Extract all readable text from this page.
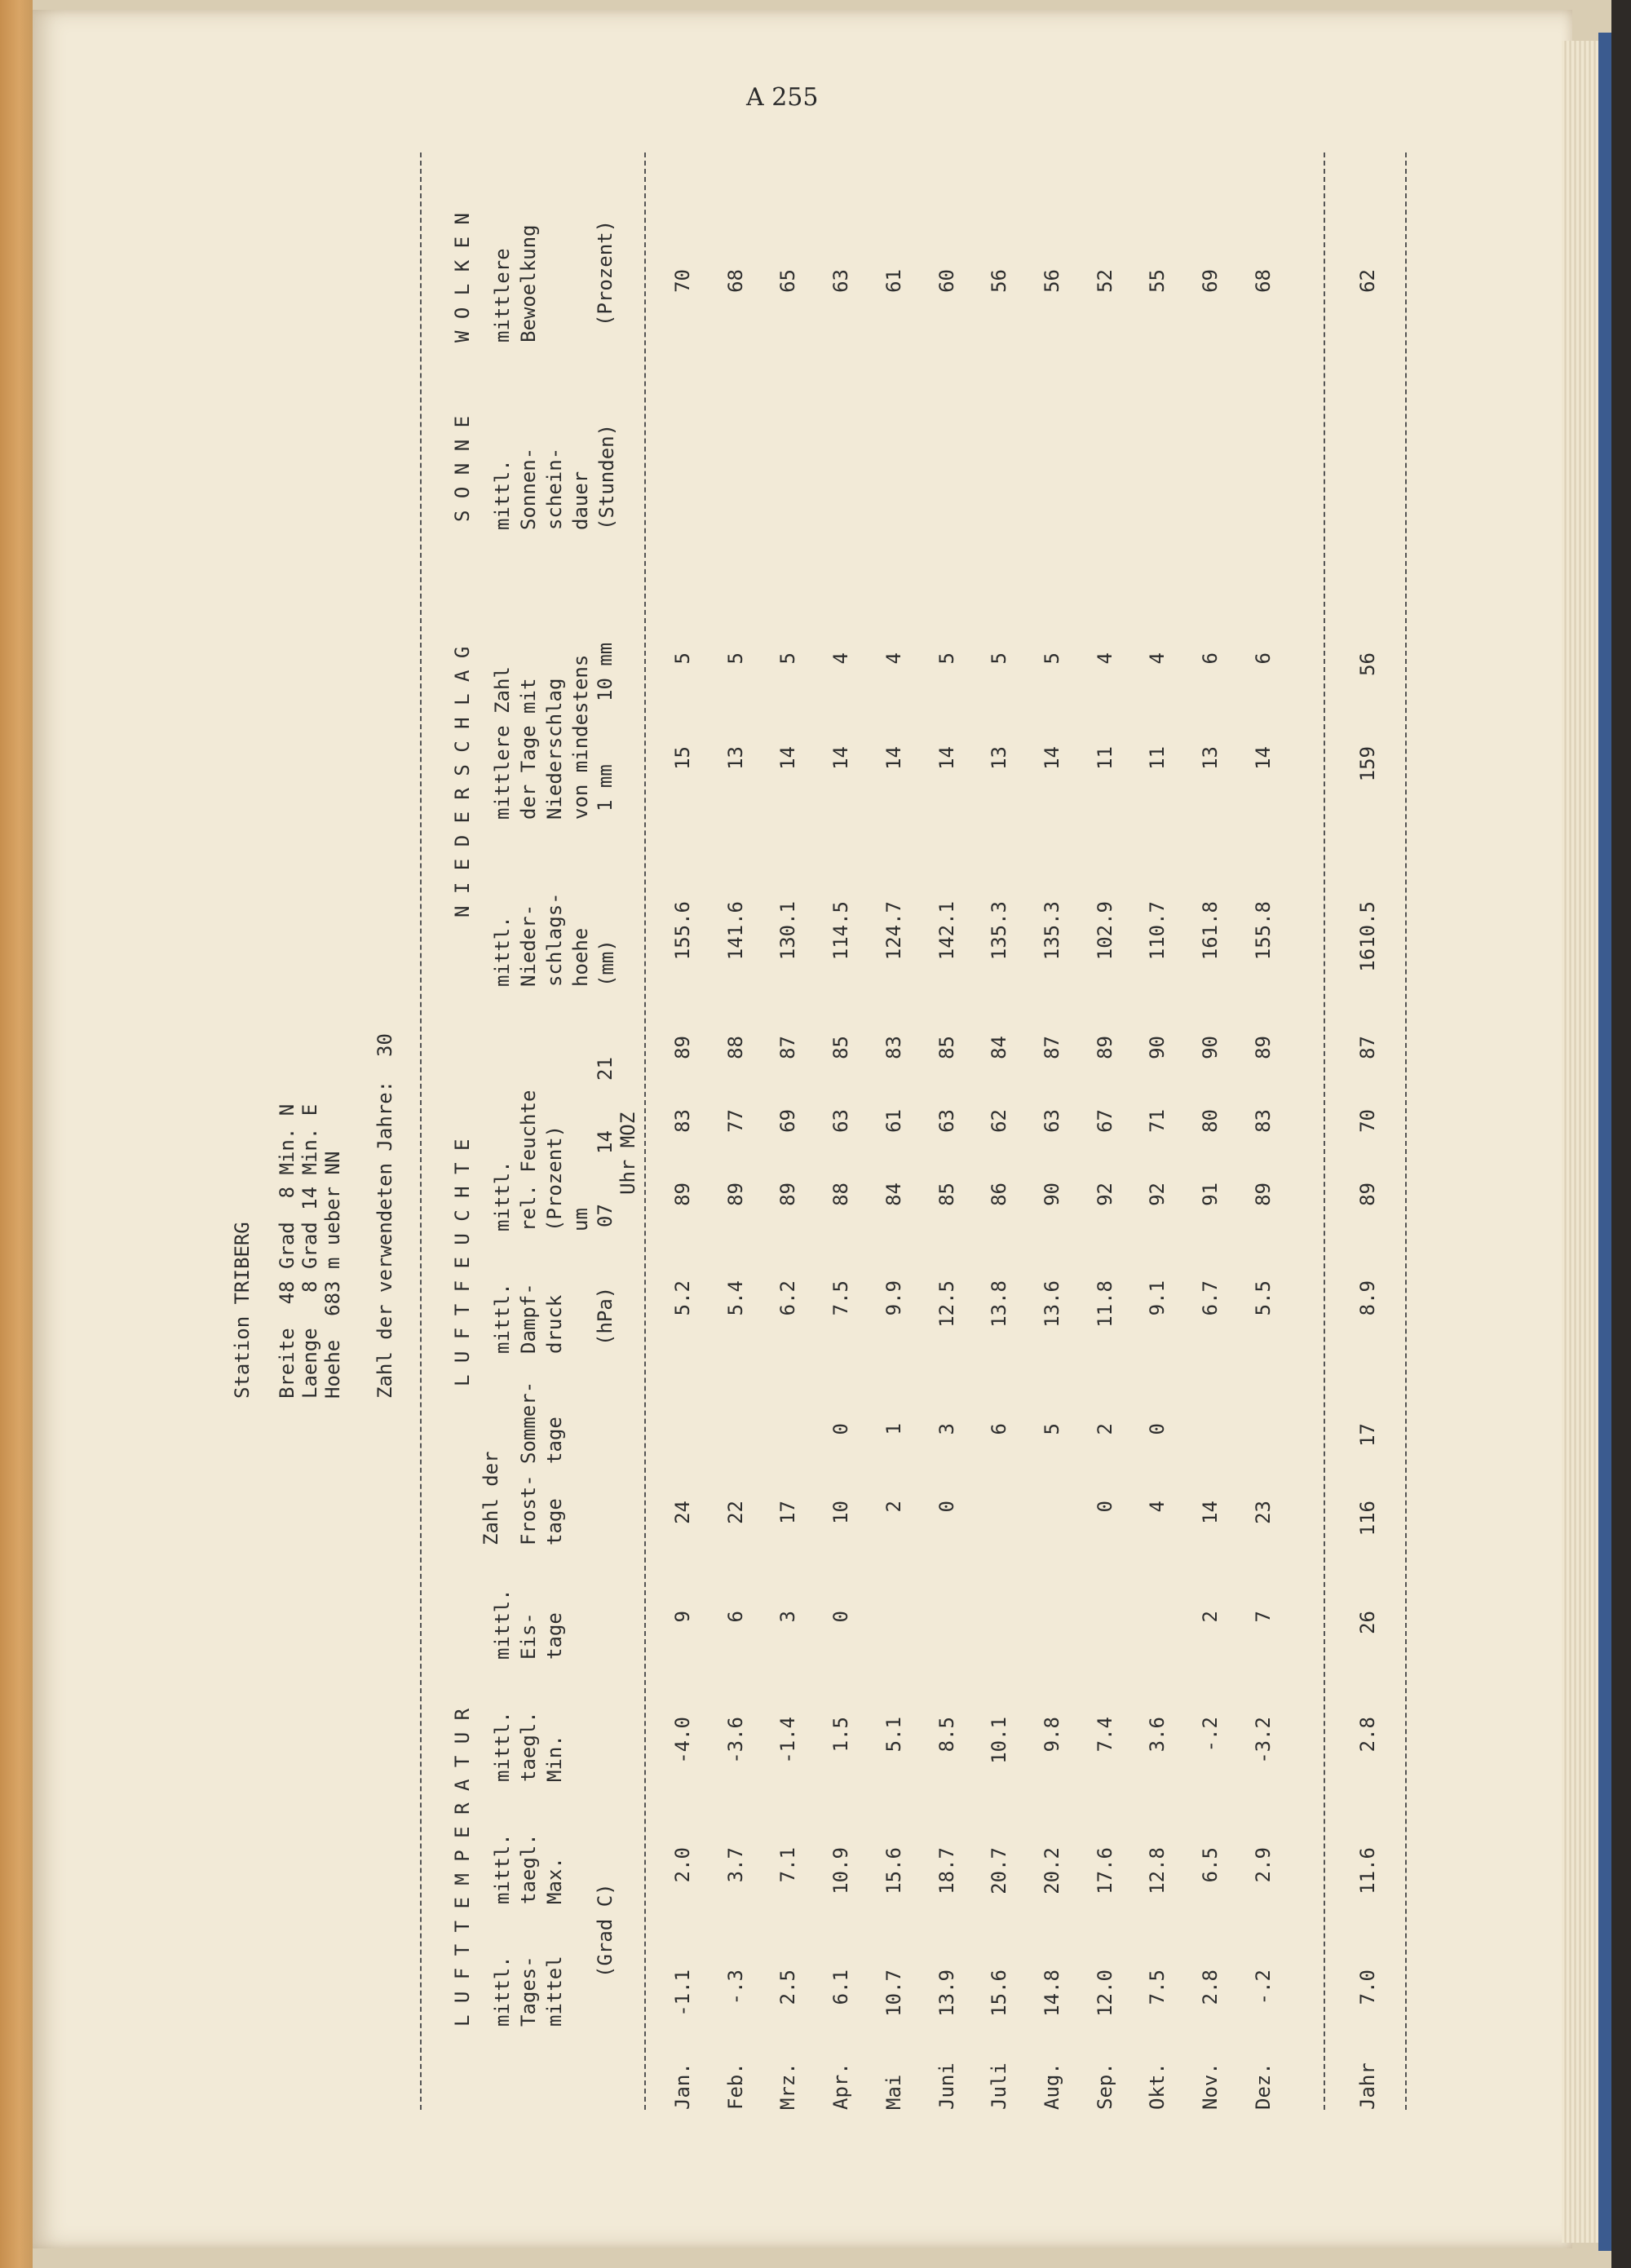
A 255
Station TRIBERG Breite  48 Grad  8 Min. N Laenge   8 Grad 14 Min. E Hoehe  683 m ueber NN Zahl der verwendeten Jahre:  30
L U F T T E M P E R A T U R
L U F T F E U C H T E
N I E D E R S C H L A G
S O N N E
W O L K E N
mittl.
Tages-
mittel
mittl.
taegl.
Max.
mittl.
taegl.
Min.
mittl.
Eis-
tage
Zahl der Frost-
tage
Sommer-
tage
(Grad C)
mittl.
Dampf-
druck (hPa)
mittl.
rel. Feuchte
(Prozent)
um 07
14
21
Uhr MOZ
mittl.
Nieder-
schlags-
hoehe
(mm)
mittlere Zahl
der Tage mit
Niederschlag
von mindestens
1 mm
10 mm
mittl.
Sonnen-
schein-
dauer
(Stunden)
mittlere
Bewoelkung	(Prozent)
Jan.
-1.1
2.0
-4.0
9
24
5.2
89
83
89
155.6
15
5
70
Feb.
-.3
3.7
-3.6
6
22
5.4
89
77
88
141.6
13
5
68
Mrz.
2.5
7.1
-1.4
3
17
6.2
89
69
87
130.1
14
5
65
Apr.
6.1
10.9
1.5
0
10
0
7.5
88
63
85
114.5
14
4
63
Mai
10.7
15.6
5.1
2
1
9.9
84
61
83
124.7
14
4
61
Juni
13.9
18.7
8.5
0
3
12.5
85
63
85
142.1
14
5
60
Juli
15.6
20.7
10.1
6
13.8
86
62
84
135.3
13
5
56
Aug.
14.8
20.2
9.8
5
13.6
90
63
87
135.3
14
5
56
Sep.
12.0
17.6
7.4
0
2
11.8
92
67
89
102.9
11
4
52
Okt.
7.5
12.8
3.6
4
0
9.1
92
71
90
110.7
11
4
55
Nov.
2.8
6.5
-.2
2
14
6.7
91
80
90
161.8
13
6
69
Dez.
-.2
2.9
-3.2
7
23
5.5
89
83
89
155.8
14
6
68
Jahr
7.0
11.6
2.8
26
116
17
8.9
89
70
87
1610.5
159
56
62
